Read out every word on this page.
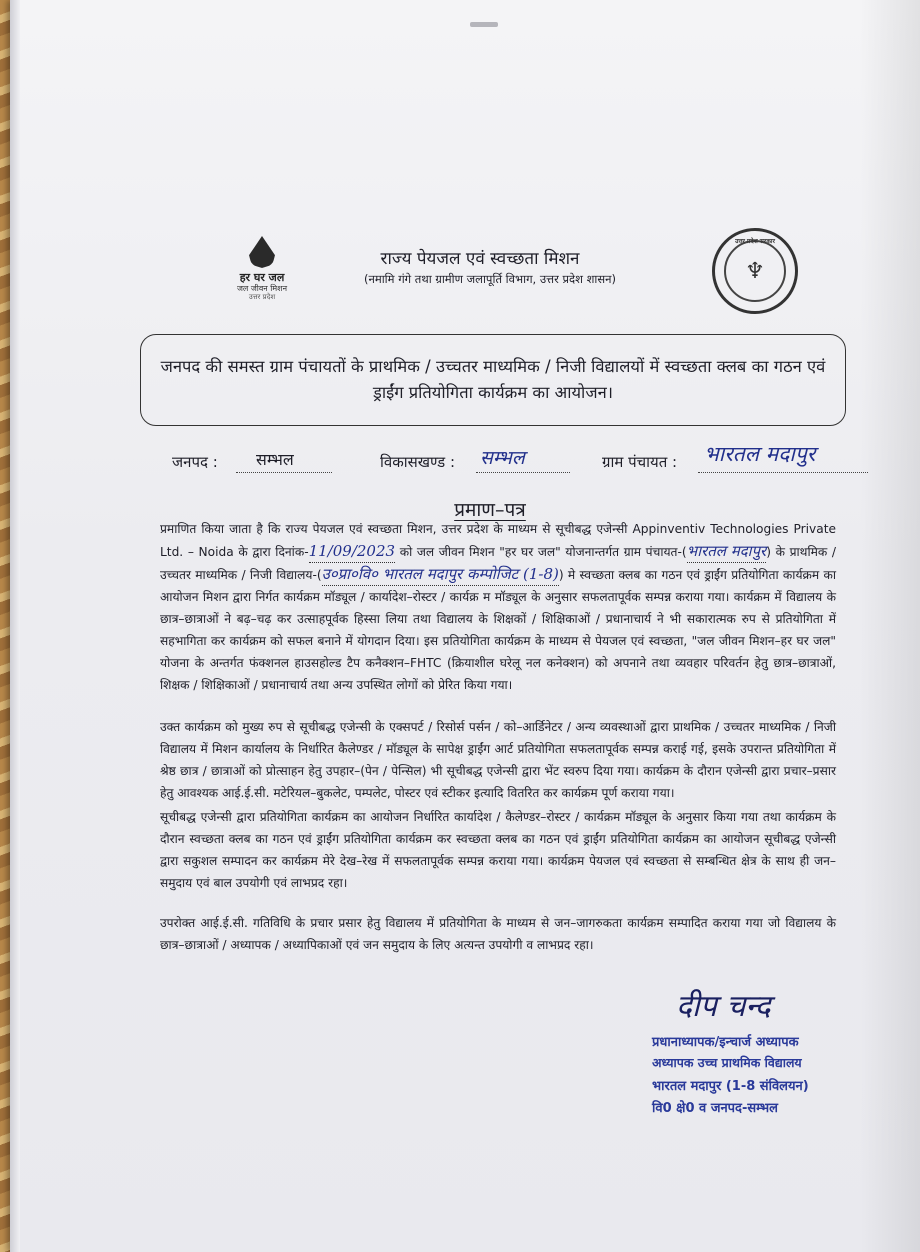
हर घर जल
जल जीवन मिशन
उत्तर प्रदेश
उत्तर प्रदेश सरकार
♆
राज्य पेयजल एवं स्वच्छता मिशन
(नमामि गंगे तथा ग्रामीण जलापूर्ति विभाग, उत्तर प्रदेश शासन)
जनपद की समस्त ग्राम पंचायतों के प्राथमिक / उच्चतर माध्यमिक / निजी विद्यालयों में स्वच्छता क्लब का गठन एवं ड्राईंग प्रतियोगिता कार्यक्रम का आयोजन।
जनपद : सम्भल	विकासखण्ड : सम्भल	ग्राम पंचायत : भारतल मदापुर
प्रमाण–पत्र

प्रमाणित किया जाता है कि राज्य पेयजल एवं स्वच्छता मिशन, उत्तर प्रदेश के माध्यम से सूचीबद्ध एजेन्सी Appinventiv Technologies Private Ltd. – Noida के द्वारा दिनांक-11/09/2023 को जल जीवन मिशन "हर घर जल" योजनान्तर्गत ग्राम पंचायत-(भारतल मदापुर) के प्राथमिक / उच्चतर माध्यमिक / निजी विद्यालय-(उ०प्रा०वि० भारतल मदापुर कम्पोजिट (1-8)) मे स्वच्छता क्लब का गठन एवं ड्राईंग प्रतियोगिता कार्यक्रम का आयोजन मिशन द्वारा निर्गत कार्यक्रम मॉड्यूल / कार्यादेश–रोस्टर / कार्यक्र म मॉड्यूल के अनुसार सफलतापूर्वक सम्पन्न कराया गया। कार्यक्रम में विद्यालय के छात्र–छात्राओं ने बढ़–चढ़ कर उत्साहपूर्वक हिस्सा लिया तथा विद्यालय के शिक्षकों / शिक्षिकाओं / प्रधानाचार्य ने भी सकारात्मक रुप से प्रतियोगिता में सहभागिता कर कार्यक्रम को सफल बनाने में योगदान दिया। इस प्रतियोगिता कार्यक्रम के माध्यम से पेयजल एवं स्वच्छता, "जल जीवन मिशन–हर घर जल" योजना के अन्तर्गत फंक्शनल हाउसहोल्ड टैप कनैक्शन–FHTC (क्रियाशील घरेलू नल कनेक्शन) को अपनाने तथा व्यवहार परिवर्तन हेतु छात्र–छात्राओं, शिक्षक / शिक्षिकाओं / प्रधानाचार्य तथा अन्य उपस्थित लोगों को प्रेरित किया गया।

उक्त कार्यक्रम को मुख्य रुप से सूचीबद्ध एजेन्सी के एक्सपर्ट / रिसोर्स पर्सन / को–आर्डिनेटर / अन्य व्यवस्थाओं द्वारा प्राथमिक / उच्चतर माध्यमिक / निजी विद्यालय में मिशन कार्यालय के निर्धारित कैलेण्डर / मॉड्यूल के सापेक्ष ड्राईंग आर्ट प्रतियोगिता सफलतापूर्वक सम्पन्न कराई गई, इसके उपरान्त प्रतियोगिता में श्रेष्ठ छात्र / छात्राओं को प्रोत्साहन हेतु उपहार–(पेन / पेन्सिल) भी सूचीबद्ध एजेन्सी द्वारा भेंट स्वरुप दिया गया। कार्यक्रम के दौरान एजेन्सी द्वारा प्रचार–प्रसार हेतु आवश्यक आई.ई.सी. मटेरियल–बुकलेट, पम्पलेट, पोस्टर एवं स्टीकर इत्यादि वितरित कर कार्यक्रम पूर्ण कराया गया।

सूचीबद्ध एजेन्सी द्वारा प्रतियोगिता कार्यक्रम का आयोजन निर्धारित कार्यादेश / कैलेण्डर–रोस्टर / कार्यक्रम मॉड्यूल के अनुसार किया गया तथा कार्यक्रम के दौरान स्वच्छता क्लब का गठन एवं ड्राईंग प्रतियोगिता कार्यक्रम कर स्वच्छता क्लब का गठन एवं ड्राईंग प्रतियोगिता कार्यक्रम का आयोजन सूचीबद्ध एजेन्सी द्वारा सकुशल सम्पादन कर कार्यक्रम मेरे देख–रेख में सफलतापूर्वक सम्पन्न कराया गया। कार्यक्रम पेयजल एवं स्वच्छता से सम्बन्धित क्षेत्र के साथ ही जन–समुदाय एवं बाल उपयोगी एवं लाभप्रद रहा।

उपरोक्त आई.ई.सी. गतिविधि के प्रचार प्रसार हेतु विद्यालय में प्रतियोगिता के माध्यम से जन–जागरुकता कार्यक्रम सम्पादित कराया गया जो विद्यालय के छात्र–छात्राओं / अध्यापक / अध्यापिकाओं एवं जन समुदाय के लिए अत्यन्त उपयोगी व लाभप्रद रहा।

दीप चन्द
प्रधानाध्यापक/इन्चार्ज अध्यापक
अध्यापक उच्च प्राथमिक विद्यालय
भारतल मदापुर (1-8 संविलयन)
वि0 क्षे0 व जनपद-सम्भल
